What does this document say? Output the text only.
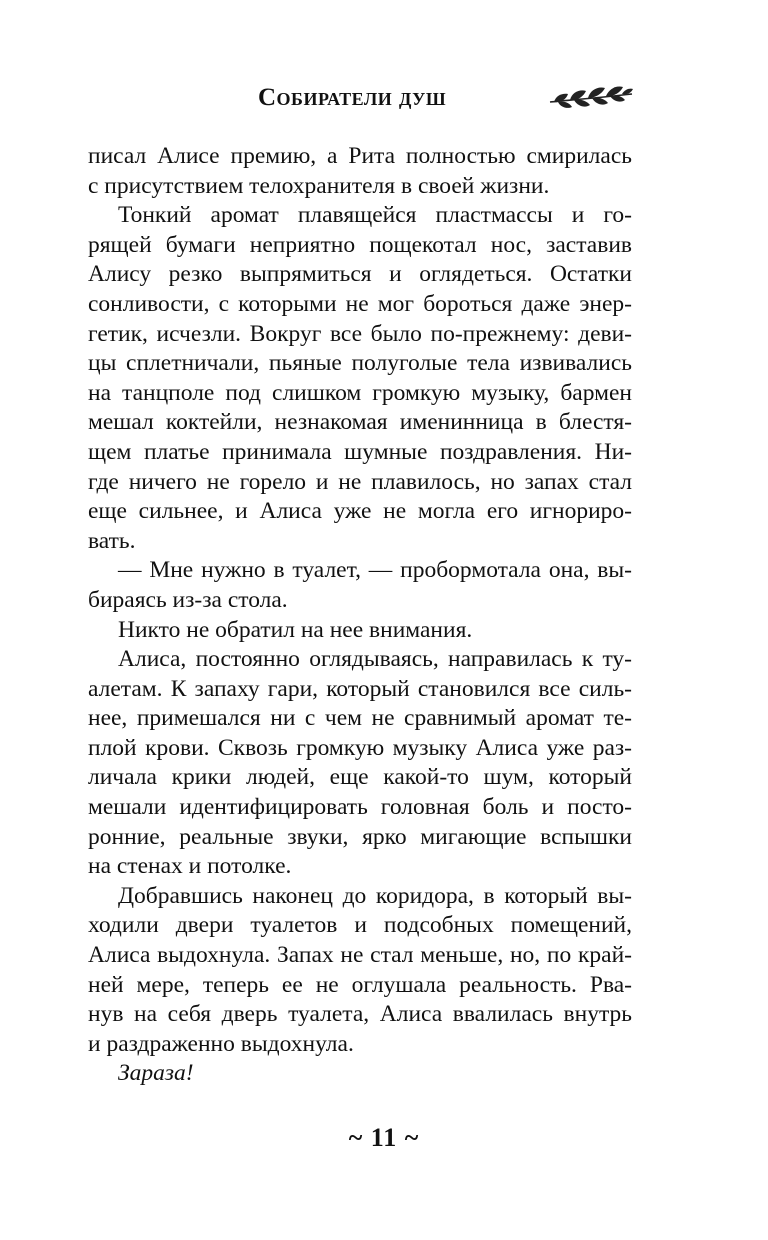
Собиратели душ
писал Алисе премию, а Рита полностью смирилась
с присутствием телохранителя в своей жизни.
Тонкий аромат плавящейся пластмассы и го-
рящей бумаги неприятно пощекотал нос, заставив
Алису резко выпрямиться и оглядеться. Остатки
сонливости, с которыми не мог бороться даже энер-
гетик, исчезли. Вокруг все было по-прежнему: деви-
цы сплетничали, пьяные полуголые тела извивались
на танцполе под слишком громкую музыку, бармен
мешал коктейли, незнакомая именинница в блестя-
щем платье принимала шумные поздравления. Ни-
где ничего не горело и не плавилось, но запах стал
еще сильнее, и Алиса уже не могла его игнориро-
вать.
— Мне нужно в туалет, — пробормотала она, вы-
бираясь из-за стола.
Никто не обратил на нее внимания.
Алиса, постоянно оглядываясь, направилась к ту-
алетам. К запаху гари, который становился все силь-
нее, примешался ни с чем не сравнимый аромат те-
плой крови. Сквозь громкую музыку Алиса уже раз-
личала крики людей, еще какой-то шум, который
мешали идентифицировать головная боль и посто-
ронние, реальные звуки, ярко мигающие вспышки
на стенах и потолке.
Добравшись наконец до коридора, в который вы-
ходили двери туалетов и подсобных помещений,
Алиса выдохнула. Запах не стал меньше, но, по край-
ней мере, теперь ее не оглушала реальность. Рва-
нув на себя дверь туалета, Алиса ввалилась внутрь
и раздраженно выдохнула.
Зараза!
~ 11 ~
